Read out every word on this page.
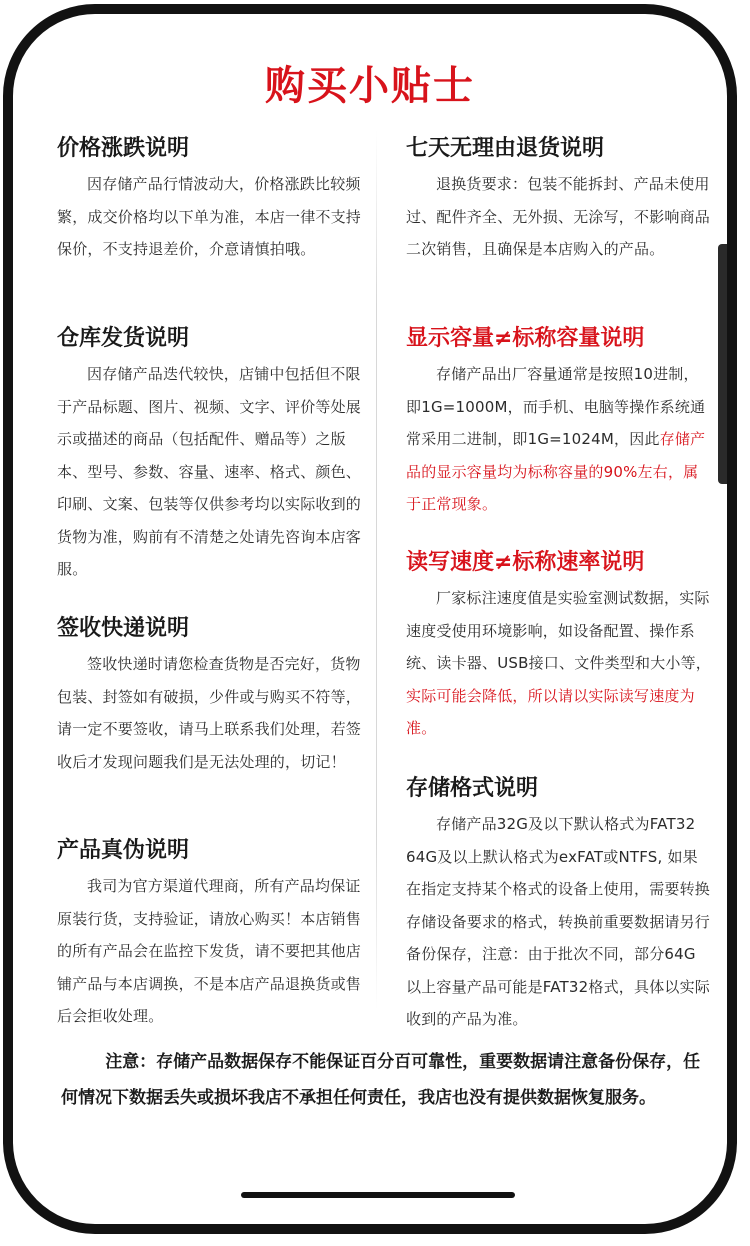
购买小贴士
价格涨跌说明

因存储产品行情波动大，价格涨跌比较频繁，成交价格均以下单为准，本店一律不支持保价，不支持退差价，介意请慎拍哦。

仓库发货说明

因存储产品迭代较快，店铺中包括但不限于产品标题、图片、视频、文字、评价等处展示或描述的商品（包括配件、赠品等）之版本、型号、参数、容量、速率、格式、颜色、印刷、文案、包装等仅供参考均以实际收到的货物为准，购前有不清楚之处请先咨询本店客服。

签收快递说明

签收快递时请您检查货物是否完好，货物包装、封签如有破损，少件或与购买不符等，请一定不要签收，请马上联系我们处理，若签收后才发现问题我们是无法处理的，切记！

产品真伪说明

我司为官方渠道代理商，所有产品均保证原装行货，支持验证，请放心购买！本店销售的所有产品会在监控下发货，请不要把其他店铺产品与本店调换，不是本店产品退换货或售后会拒收处理。

七天无理由退货说明

退换货要求：包装不能拆封、产品未使用过、配件齐全、无外损、无涂写，不影响商品二次销售，且确保是本店购入的产品。

显示容量≠标称容量说明

存储产品出厂容量通常是按照10进制，即1G=1000M，而手机、电脑等操作系统通常采用二进制，即1G=1024M，因此存储产品的显示容量均为标称容量的90%左右，属于正常现象。

读写速度≠标称速率说明

厂家标注速度值是实验室测试数据，实际速度受使用环境影响，如设备配置、操作系统、读卡器、USB接口、文件类型和大小等，实际可能会降低，所以请以实际读写速度为准。

存储格式说明

存储产品32G及以下默认格式为FAT32 64G及以上默认格式为exFAT或NTFS, 如果在指定支持某个格式的设备上使用，需要转换存储设备要求的格式，转换前重要数据请另行备份保存，注意：由于批次不同，部分64G 以上容量产品可能是FAT32格式，具体以实际收到的产品为准。

注意：存储产品数据保存不能保证百分百可靠性，重要数据请注意备份保存，任何情况下数据丢失或损坏我店不承担任何责任，我店也没有提供数据恢复服务。
